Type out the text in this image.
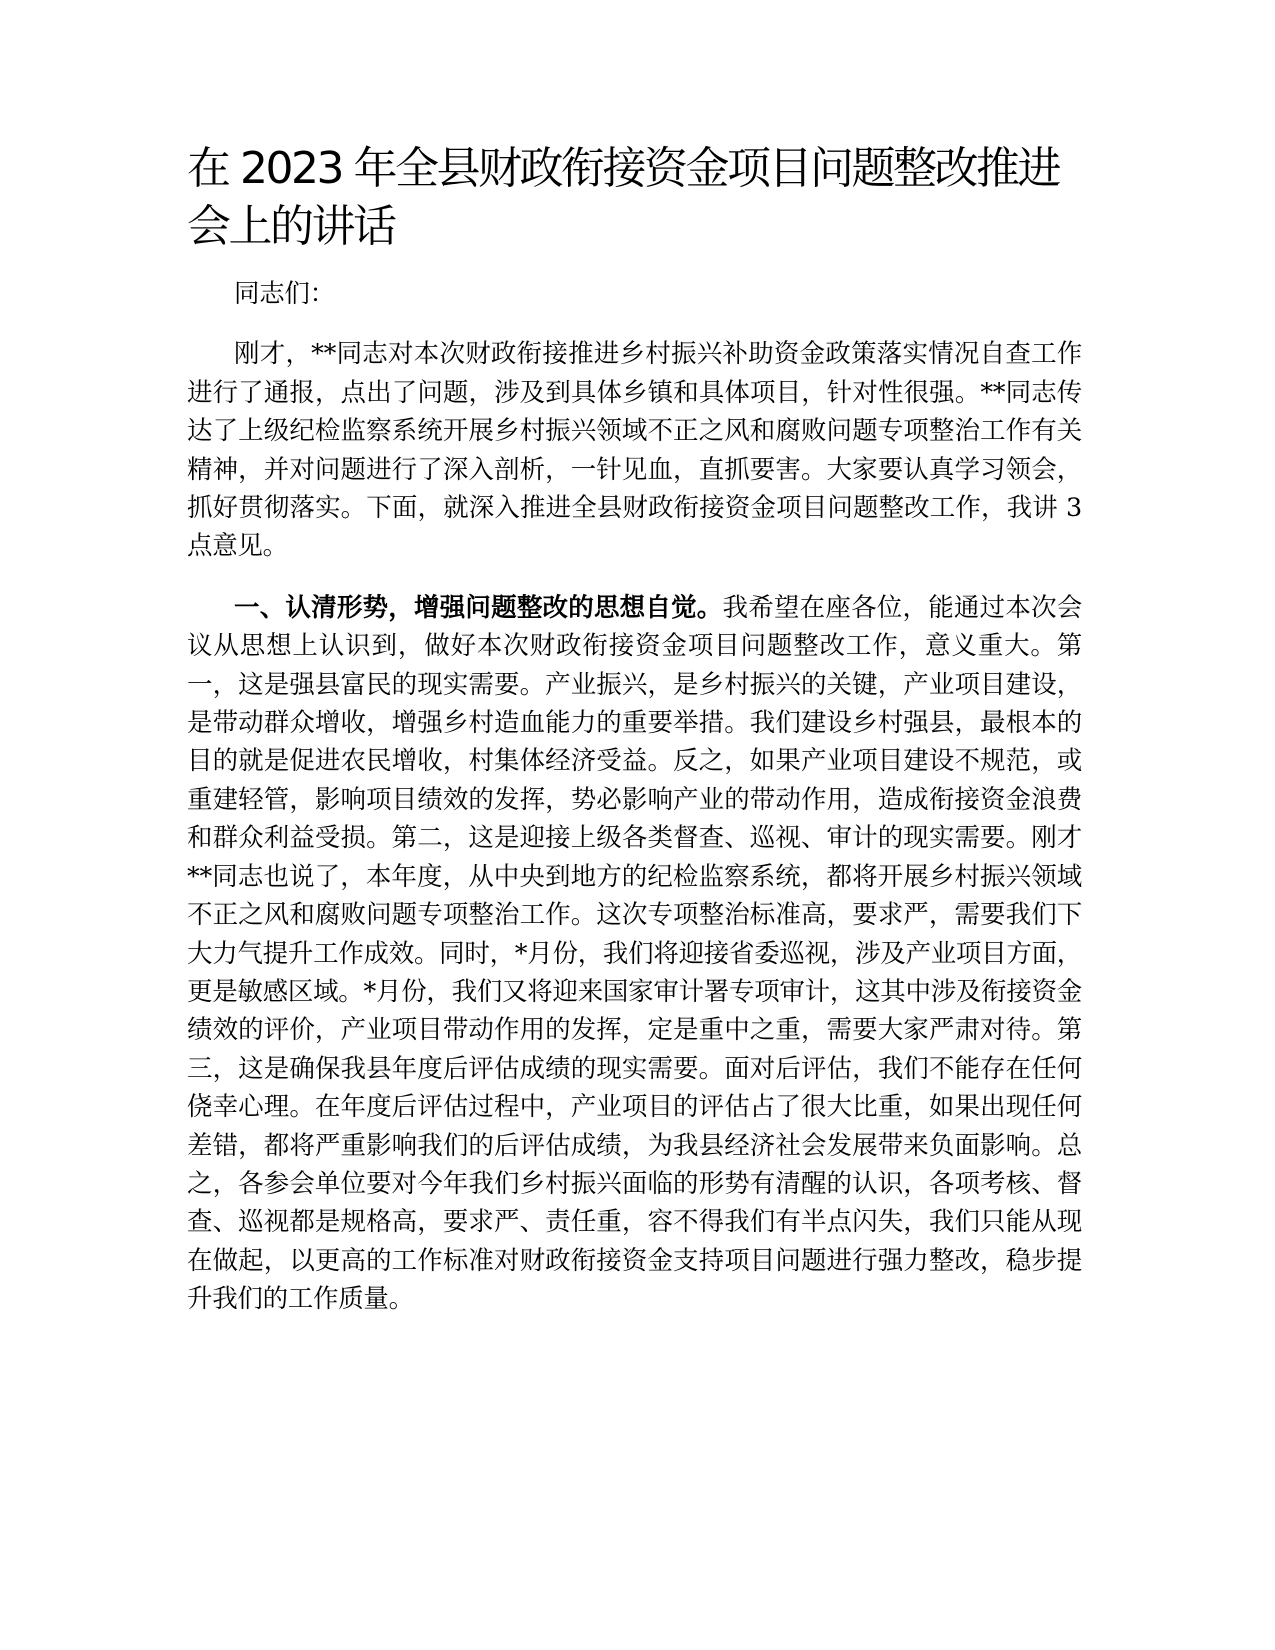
在 2023 年全县财政衔接资金项目问题整改推进会上的讲话

同志们：

刚才，**同志对本次财政衔接推进乡村振兴补助资金政策落实情况自查工作进行了通报，点出了问题，涉及到具体乡镇和具体项目，针对性很强。**同志传达了上级纪检监察系统开展乡村振兴领域不正之风和腐败问题专项整治工作有关精神，并对问题进行了深入剖析，一针见血，直抓要害。大家要认真学习领会，抓好贯彻落实。下面，就深入推进全县财政衔接资金项目问题整改工作，我讲 3 点意见。

一、认清形势，增强问题整改的思想自觉。我希望在座各位，能通过本次会议从思想上认识到，做好本次财政衔接资金项目问题整改工作，意义重大。第一，这是强县富民的现实需要。产业振兴，是乡村振兴的关键，产业项目建设，是带动群众增收，增强乡村造血能力的重要举措。我们建设乡村强县，最根本的目的就是促进农民增收，村集体经济受益。反之，如果产业项目建设不规范，或重建轻管，影响项目绩效的发挥，势必影响产业的带动作用，造成衔接资金浪费和群众利益受损。第二，这是迎接上级各类督查、巡视、审计的现实需要。刚才**同志也说了，本年度，从中央到地方的纪检监察系统，都将开展乡村振兴领域不正之风和腐败问题专项整治工作。这次专项整治标准高，要求严，需要我们下大力气提升工作成效。同时，*月份，我们将迎接省委巡视，涉及产业项目方面，更是敏感区域。*月份，我们又将迎来国家审计署专项审计，这其中涉及衔接资金绩效的评价，产业项目带动作用的发挥，定是重中之重，需要大家严肃对待。第三，这是确保我县年度后评估成绩的现实需要。面对后评估，我们不能存在任何侥幸心理。在年度后评估过程中，产业项目的评估占了很大比重，如果出现任何差错，都将严重影响我们的后评估成绩，为我县经济社会发展带来负面影响。总之，各参会单位要对今年我们乡村振兴面临的形势有清醒的认识，各项考核、督查、巡视都是规格高，要求严、责任重，容不得我们有半点闪失，我们只能从现在做起，以更高的工作标准对财政衔接资金支持项目问题进行强力整改，稳步提升我们的工作质量。
